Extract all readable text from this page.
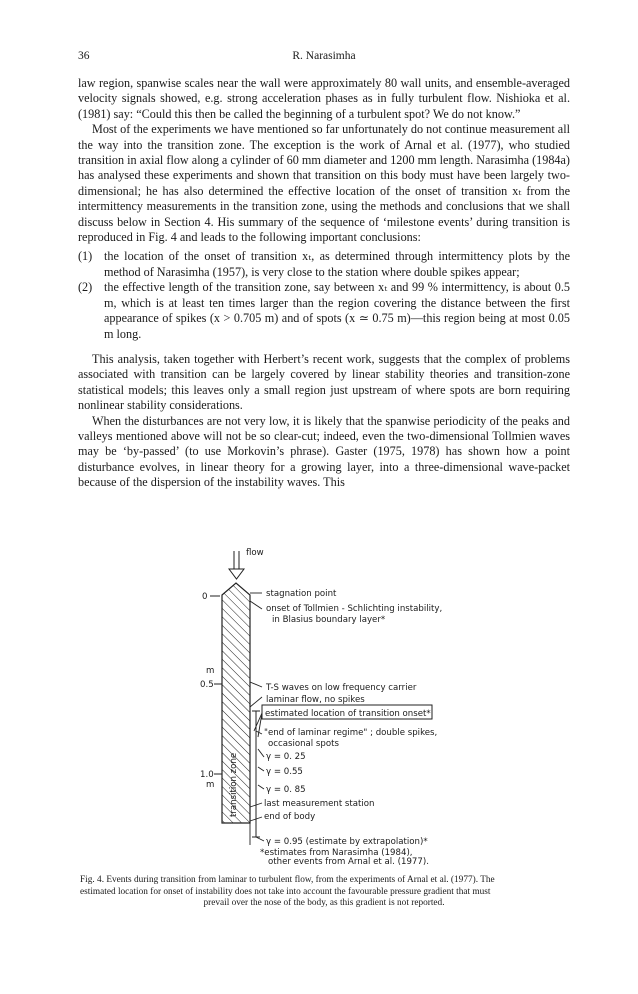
36	R. Narasimha

law region, spanwise scales near the wall were approximately 80 wall units, and ensemble-averaged velocity signals showed, e.g. strong acceleration phases as in fully turbulent flow. Nishioka et al. (1981) say: “Could this then be called the beginning of a turbulent spot? We do not know.”

Most of the experiments we have mentioned so far unfortunately do not continue measurement all the way into the transition zone. The exception is the work of Arnal et al. (1977), who studied transition in axial flow along a cylinder of 60 mm diameter and 1200 mm length. Narasimha (1984a) has analysed these experiments and shown that transition on this body must have been largely two-dimensional; he has also determined the effective location of the onset of transition xₜ from the intermittency measurements in the transition zone, using the methods and conclusions that we shall discuss below in Section 4. His summary of the sequence of ‘milestone events’ during transition is reproduced in Fig. 4 and leads to the following important conclusions:

(1) the location of the onset of transition xₜ, as determined through intermittency plots by the method of Narasimha (1957), is very close to the station where double spikes appear;
(2) the effective length of the transition zone, say between xₜ and 99 % intermittency, is about 0.5 m, which is at least ten times larger than the region covering the distance between the first appearance of spikes (x > 0.705 m) and of spots (x ≃ 0.75 m)—this region being at most 0.05 m long.

This analysis, taken together with Herbert’s recent work, suggests that the complex of problems associated with transition can be largely covered by linear stability theories and transition-zone statistical models; this leaves only a small region just upstream of where spots are born requiring nonlinear stability considerations.

When the disturbances are not very low, it is likely that the spanwise periodicity of the peaks and valleys mentioned above will not be so clear-cut; indeed, even the two-dimensional Tollmien waves may be ‘by-passed’ (to use Morkovin’s phrase). Gaster (1975, 1978) has shown how a point disturbance evolves, in linear theory for a growing layer, into a three-dimensional wave-packet because of the dispersion of the instability waves. This

flow
transition zone
0
m
0.5
1.0
m
stagnation point
onset of Tollmien - Schlichting instability,
in Blasius boundary layer*
T-S waves on low frequency carrier
laminar flow, no spikes
estimated location of transition onset*
"end of laminar regime" ; double spikes,
occasional spots
γ = 0. 25
γ = 0.55
γ = 0. 85
last measurement station
end of body
γ = 0.95 (estimate by extrapolation)*
*estimates from Narasimha (1984),
other events from Arnal et al. (1977).
Fig. 4. Events during transition from laminar to turbulent flow, from the experiments of Arnal et al. (1977). The
estimated location for onset of instability does not take into account the favourable pressure gradient that must
prevail over the nose of the body, as this gradient is not reported.
